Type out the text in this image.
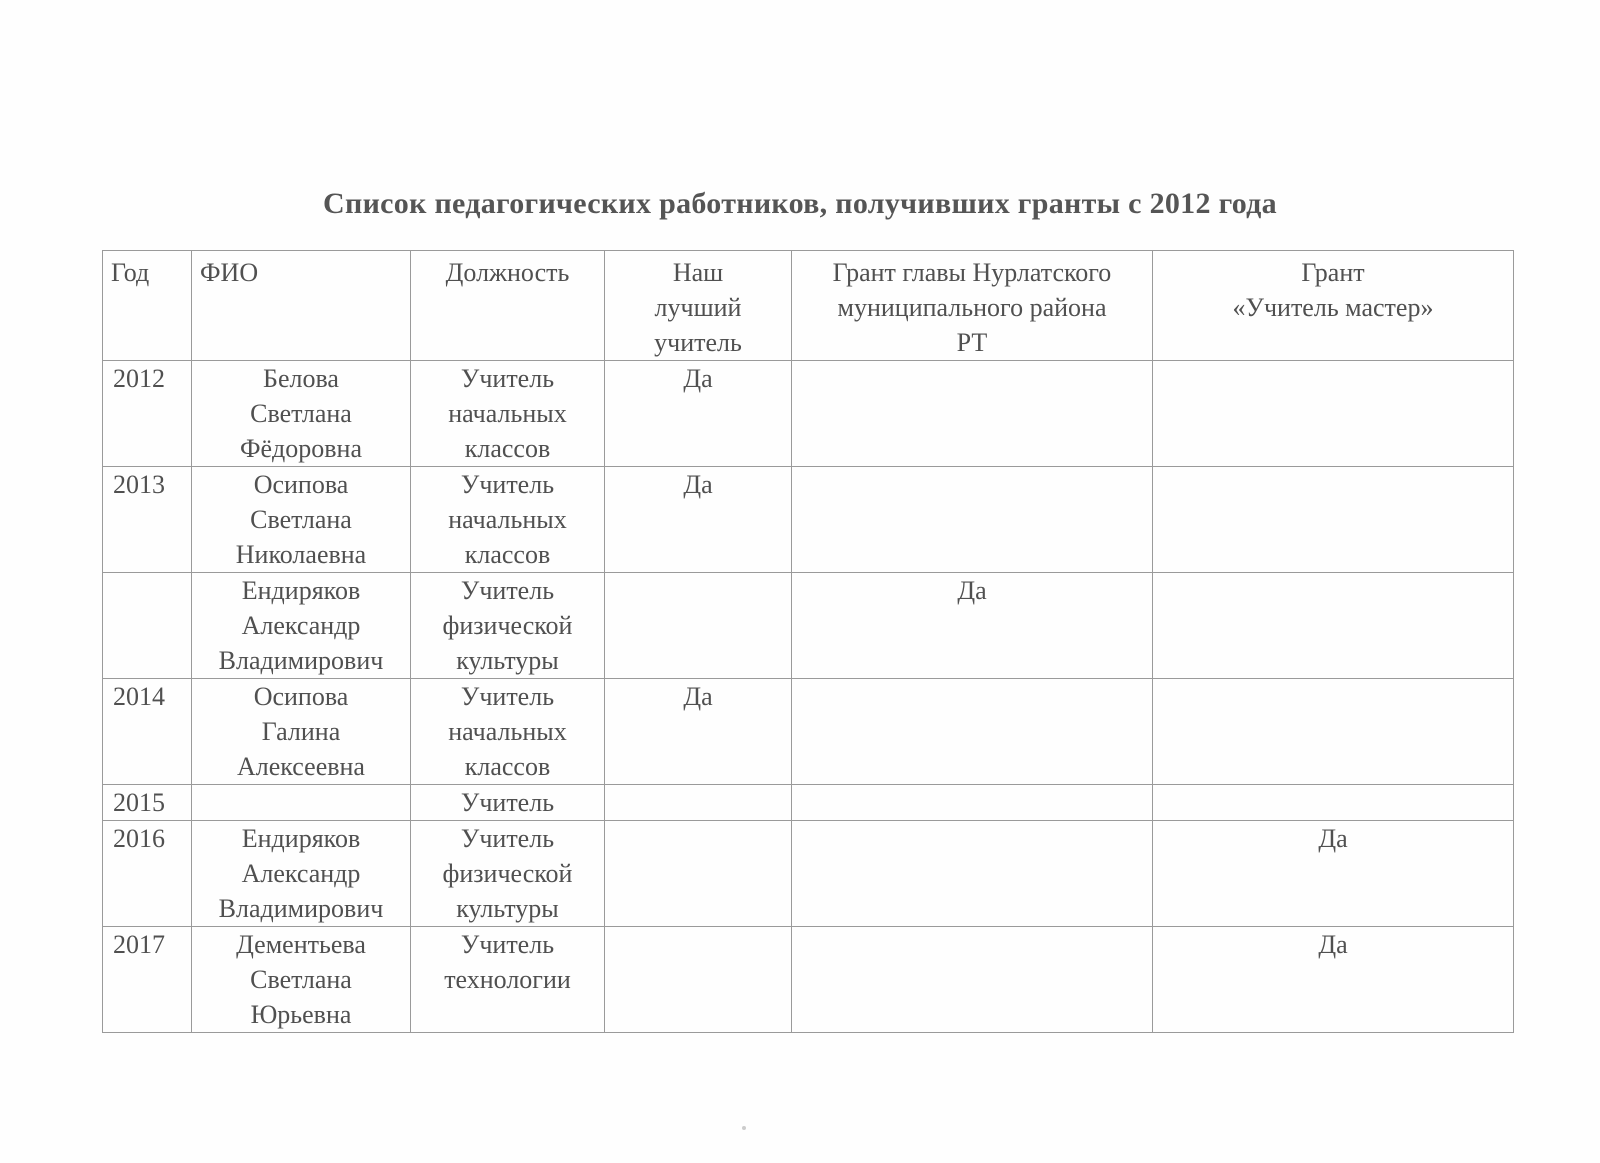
Список педагогических работников, получивших гранты с 2012 года
Год	ФИО	Должность	Наш
лучший
учитель	Грант главы Нурлатского
муниципального района
РТ	Грант
«Учитель мастер»
2012	Белова
Светлана
Фёдоровна	Учитель
начальных
классов	Да		
2013	Осипова
Светлана
Николаевна	Учитель
начальных
классов	Да		
	Ендиряков
Александр
Владимирович	Учитель
физической
культуры		Да	
2014	Осипова
Галина
Алексеевна	Учитель
начальных
классов	Да		
2015		Учитель			
2016	Ендиряков
Александр
Владимирович	Учитель
физической
культуры			Да
2017	Дементьева
Светлана
Юрьевна	Учитель
технологии			Да
